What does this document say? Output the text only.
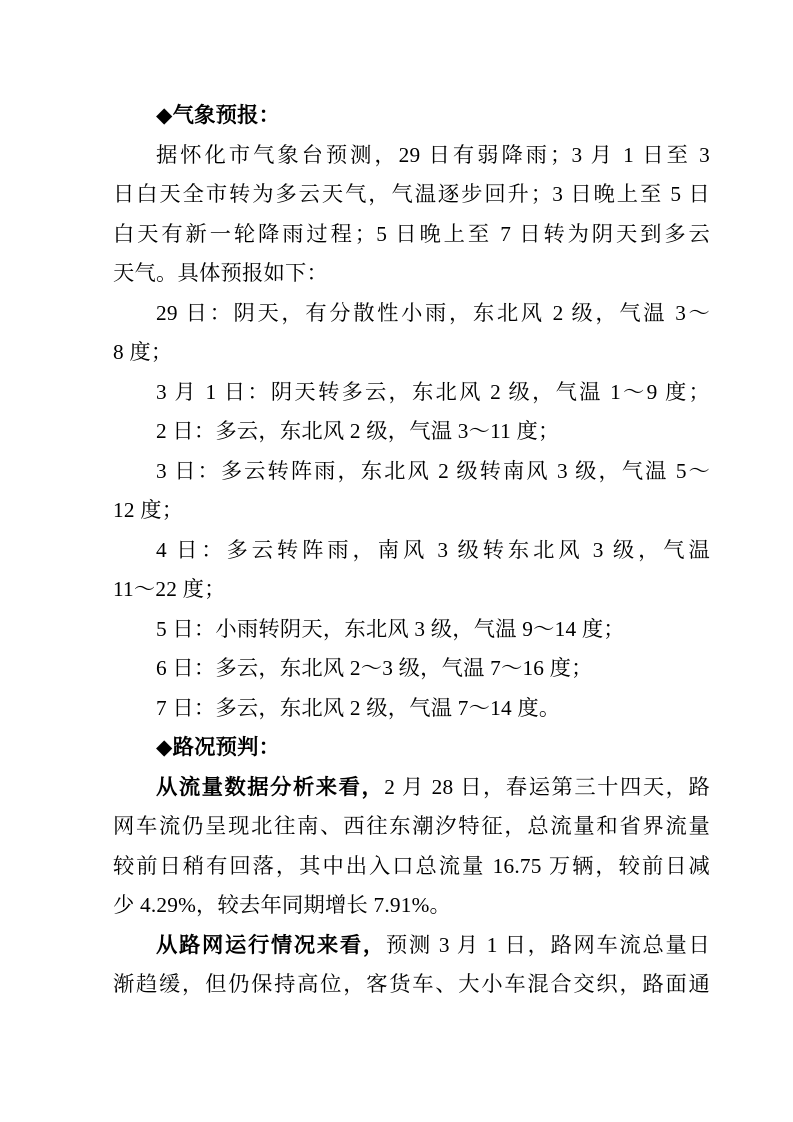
◆气象预报：

据怀化市气象台预测，29 日有弱降雨；3 月 1 日至 3

日白天全市转为多云天气，气温逐步回升；3 日晚上至 5 日

白天有新一轮降雨过程；5 日晚上至 7 日转为阴天到多云

天气。具体预报如下：

29 日：阴天，有分散性小雨，东北风 2 级，气温 3～

8 度；

3 月 1 日：阴天转多云，东北风 2 级，气温 1～9 度；

2 日：多云，东北风 2 级，气温 3～11 度；

3 日：多云转阵雨，东北风 2 级转南风 3 级，气温 5～

12 度；

4 日：多云转阵雨，南风 3 级转东北风 3 级，气温

11～22 度；

5 日：小雨转阴天，东北风 3 级，气温 9～14 度；

6 日：多云，东北风 2～3 级，气温 7～16 度；

7 日：多云，东北风 2 级，气温 7～14 度。

◆路况预判：

从流量数据分析来看，2 月 28 日，春运第三十四天，路

网车流仍呈现北往南、西往东潮汐特征，总流量和省界流量

较前日稍有回落，其中出入口总流量 16.75 万辆，较前日减

少 4.29%，较去年同期增长 7.91%。

从路网运行情况来看，预测 3 月 1 日，路网车流总量日

渐趋缓，但仍保持高位，客货车、大小车混合交织，路面通
